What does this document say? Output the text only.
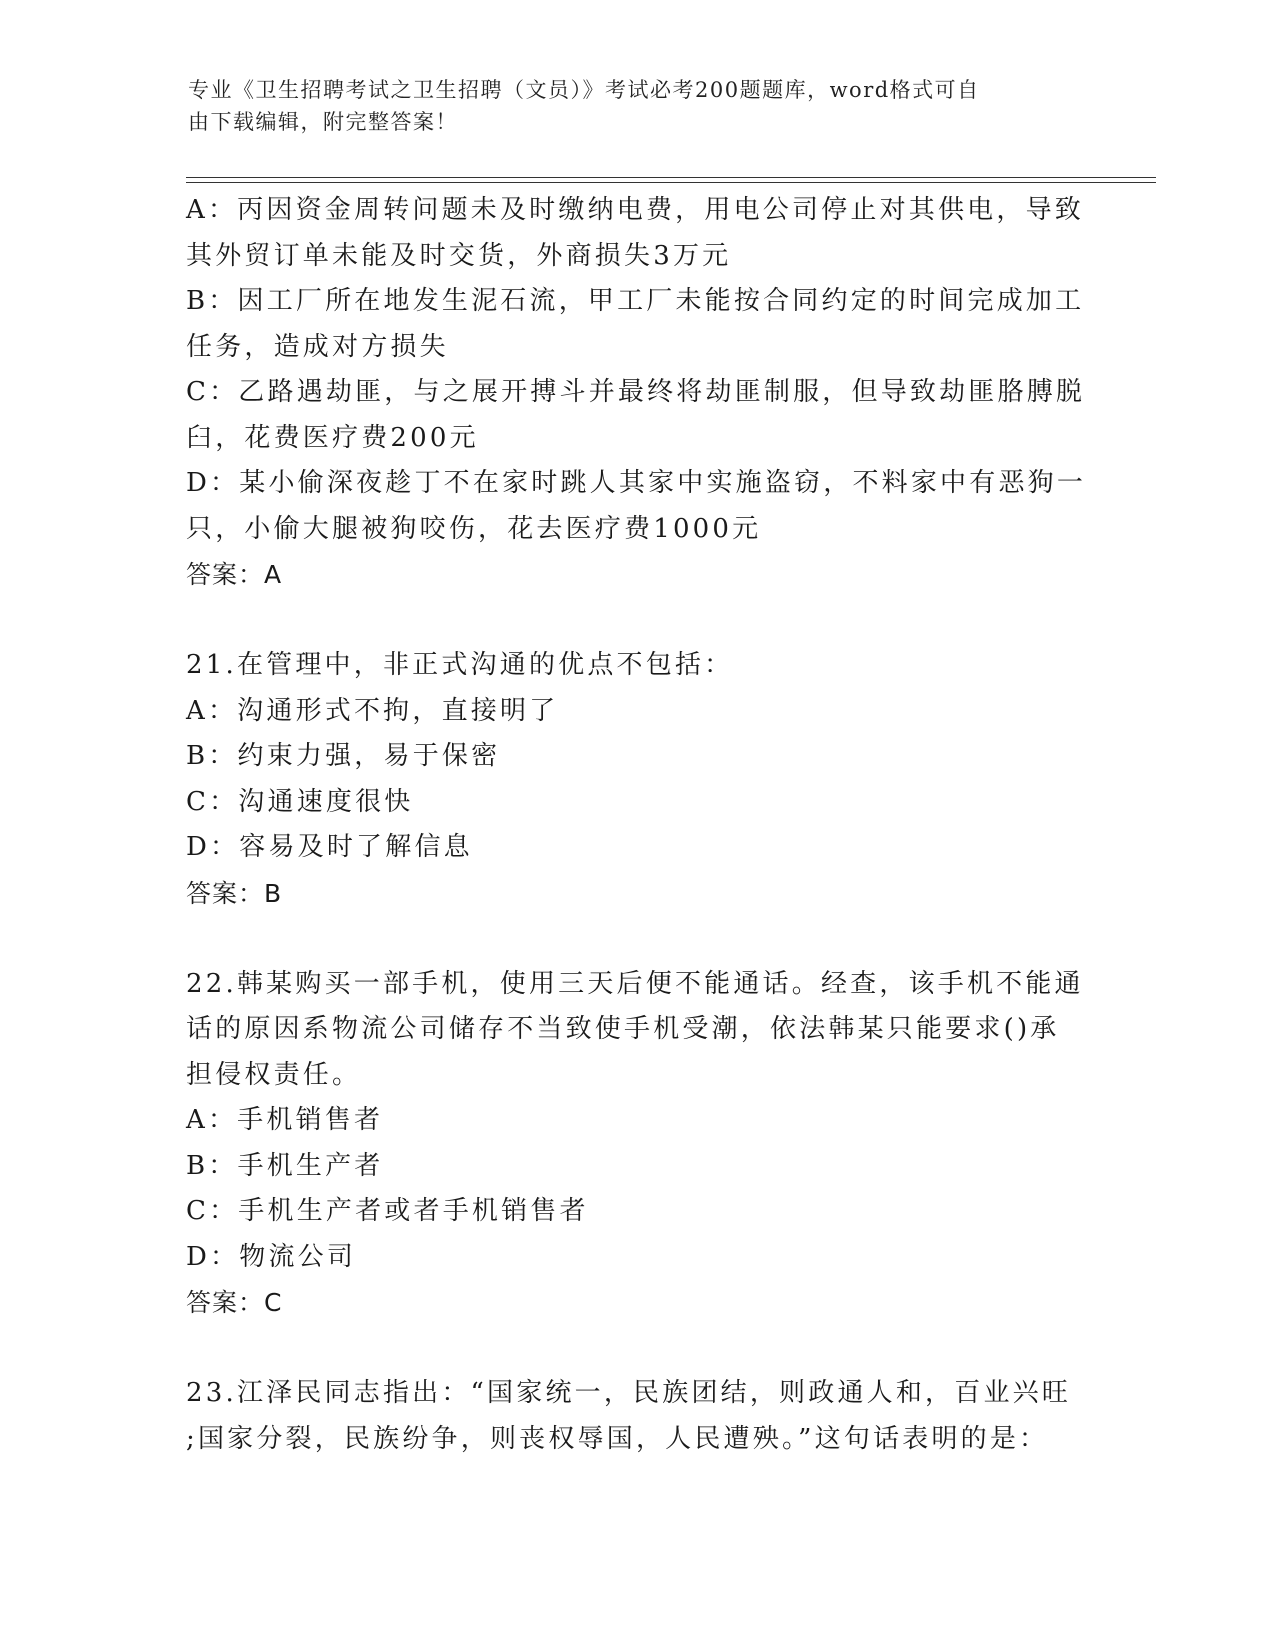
专业《卫生招聘考试之卫生招聘（文员）》考试必考200题题库，word格式可自
由下载编辑，附完整答案！
A：丙因资金周转问题未及时缴纳电费，用电公司停止对其供电，导致
其外贸订单未能及时交货，外商损失3万元
B：因工厂所在地发生泥石流，甲工厂未能按合同约定的时间完成加工
任务，造成对方损失
C：乙路遇劫匪，与之展开搏斗并最终将劫匪制服，但导致劫匪胳膊脱
臼，花费医疗费200元
D：某小偷深夜趁丁不在家时跳人其家中实施盗窃，不料家中有恶狗一
只，小偷大腿被狗咬伤，花去医疗费1000元
答案：A
21.在管理中，非正式沟通的优点不包括：
A：沟通形式不拘，直接明了
B：约束力强，易于保密
C：沟通速度很快
D：容易及时了解信息
答案：B
22.韩某购买一部手机，使用三天后便不能通话。经查，该手机不能通
话的原因系物流公司储存不当致使手机受潮，依法韩某只能要求()承
担侵权责任。
A：手机销售者
B：手机生产者
C：手机生产者或者手机销售者
D：物流公司
答案：C
23.江泽民同志指出：“国家统一，民族团结，则政通人和，百业兴旺
;国家分裂，民族纷争，则丧权辱国，人民遭殃。”这句话表明的是：
